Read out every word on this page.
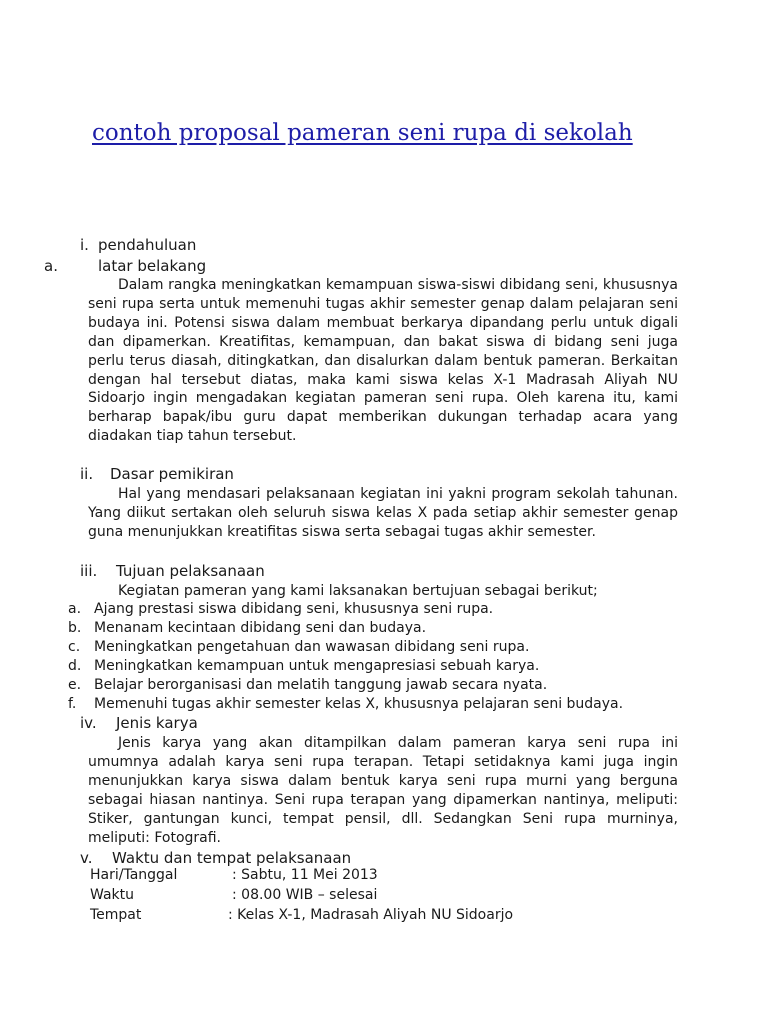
contoh proposal pameran seni rupa di sekolah
i. pendahuluan
a.	latar belakang

Dalam rangka meningkatkan kemampuan siswa-siswi dibidang seni, khususnya seni rupa serta untuk memenuhi tugas akhir semester genap dalam pelajaran seni budaya ini. Potensi siswa dalam membuat berkarya dipandang perlu untuk digali dan dipamerkan. Kreatifitas, kemampuan, dan bakat siswa di bidang seni juga perlu terus diasah, ditingkatkan, dan disalurkan dalam bentuk pameran. Berkaitan dengan hal tersebut diatas, maka kami siswa kelas X-1 Madrasah Aliyah NU Sidoarjo ingin mengadakan kegiatan pameran seni rupa. Oleh karena itu, kami berharap bapak/ibu guru dapat memberikan dukungan terhadap acara yang diadakan tiap tahun tersebut.

ii. Dasar pemikiran

Hal yang mendasari pelaksanaan kegiatan ini yakni program sekolah tahunan. Yang diikut sertakan oleh seluruh siswa kelas X pada setiap akhir semester genap guna menunjukkan kreatifitas siswa serta sebagai tugas akhir semester.

iii. Tujuan pelaksanaan
Kegiatan pameran yang kami laksanakan bertujuan sebagai berikut;
a. Ajang prestasi siswa dibidang seni, khususnya seni rupa.
b. Menanam kecintaan dibidang seni dan budaya.
c. Meningkatkan pengetahuan dan wawasan dibidang seni rupa.
d. Meningkatkan kemampuan untuk mengapresiasi sebuah karya.
e. Belajar berorganisasi dan melatih tanggung jawab secara nyata.
f. Memenuhi tugas akhir semester kelas X, khususnya pelajaran seni budaya.
iv. Jenis karya

Jenis karya yang akan ditampilkan dalam pameran karya seni rupa ini umumnya adalah karya seni rupa terapan. Tetapi setidaknya kami juga ingin menunjukkan karya siswa dalam bentuk karya seni rupa murni yang berguna sebagai hiasan nantinya. Seni rupa terapan yang dipamerkan nantinya, meliputi: Stiker, gantungan kunci, tempat pensil, dll. Sedangkan Seni rupa murninya, meliputi: Fotografi.

v. Waktu dan tempat pelaksanaan
Hari/Tanggal	: Sabtu, 11 Mei 2013
Waktu	: 08.00 WIB – selesai
Tempat	: Kelas X-1, Madrasah Aliyah NU Sidoarjo
